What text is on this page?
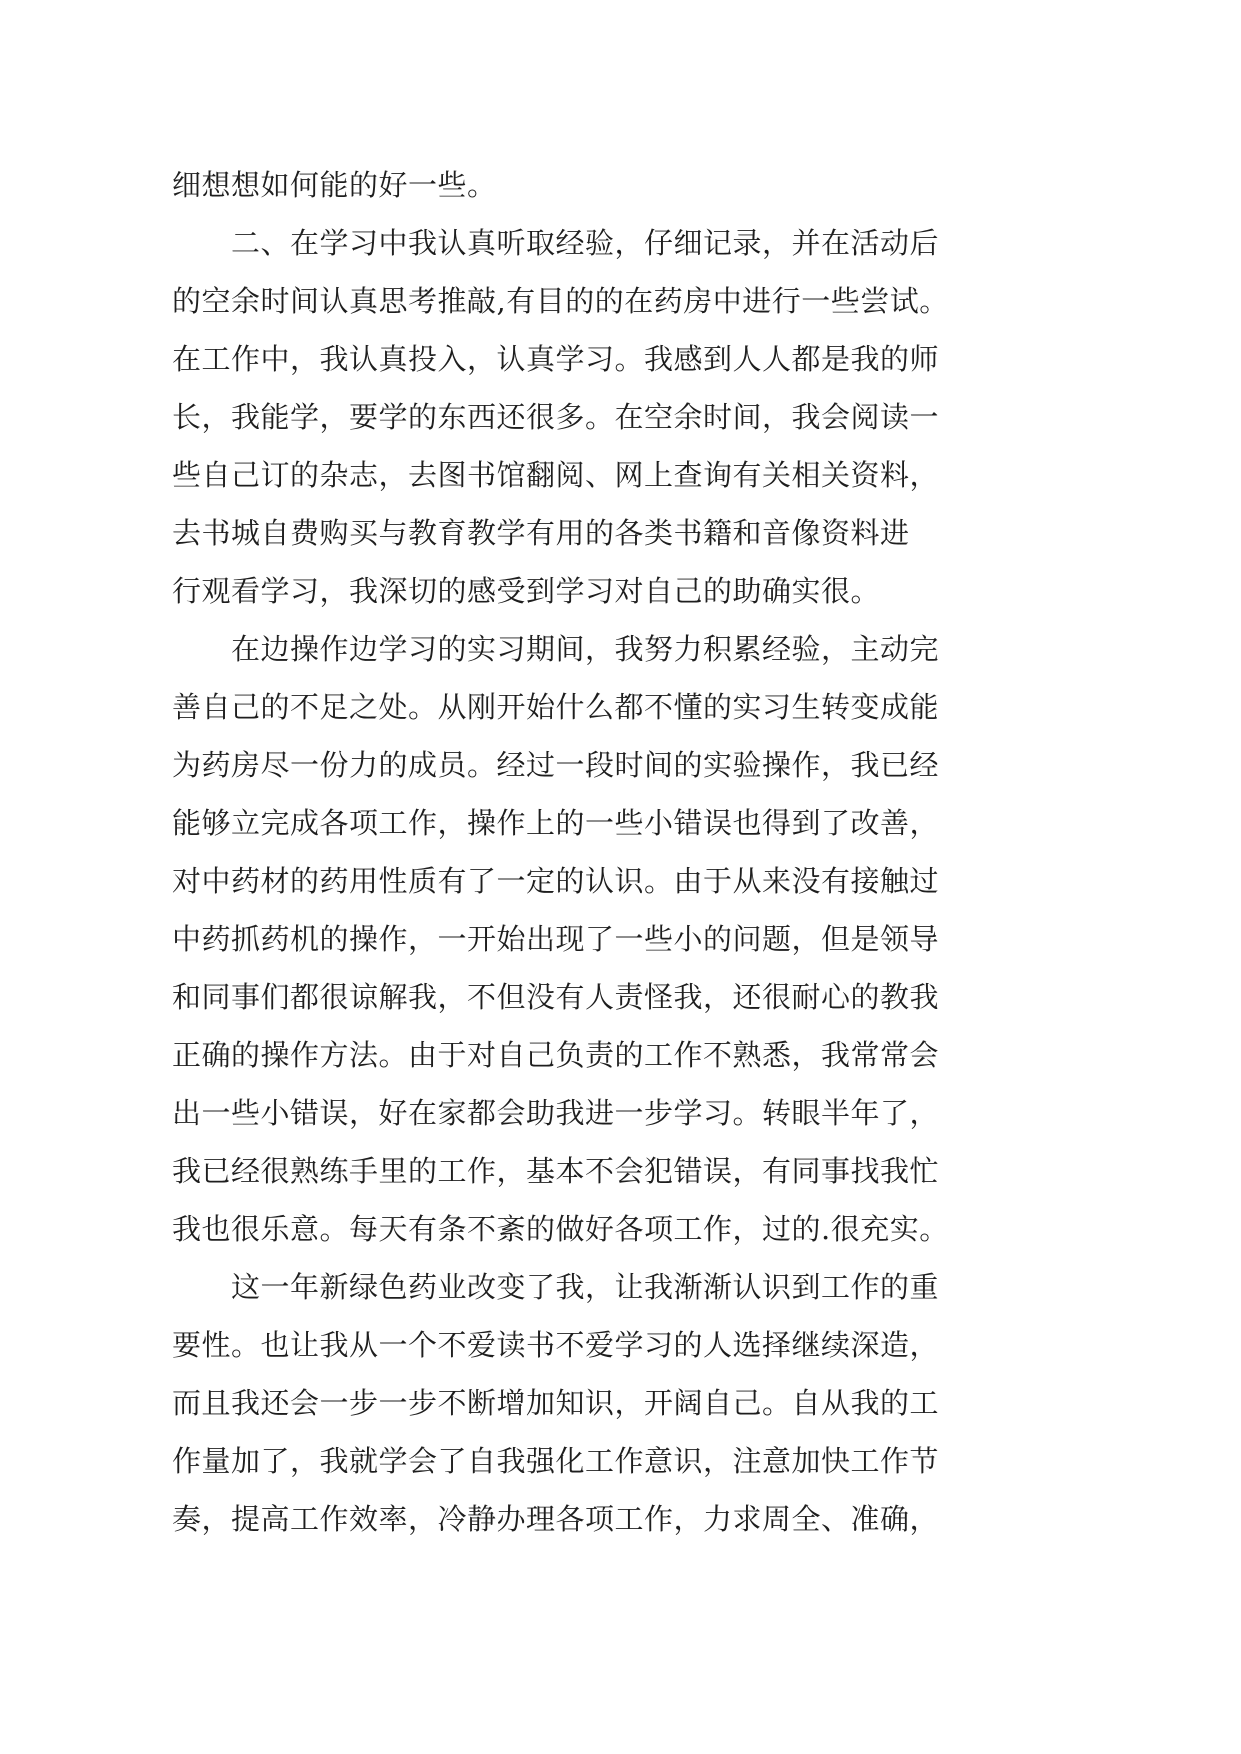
细想想如何能的好一些。
二、在学习中我认真听取经验，仔细记录，并在活动后
的空余时间认真思考推敲,有目的的在药房中进行一些尝试。
在工作中，我认真投入，认真学习。我感到人人都是我的师
长，我能学，要学的东西还很多。在空余时间，我会阅读一
些自己订的杂志，去图书馆翻阅、网上查询有关相关资料，
去书城自费购买与教育教学有用的各类书籍和音像资料进
行观看学习，我深切的感受到学习对自己的助确实很。
在边操作边学习的实习期间，我努力积累经验，主动完
善自己的不足之处。从刚开始什么都不懂的实习生转变成能
为药房尽一份力的成员。经过一段时间的实验操作，我已经
能够立完成各项工作，操作上的一些小错误也得到了改善，
对中药材的药用性质有了一定的认识。由于从来没有接触过
中药抓药机的操作，一开始出现了一些小的问题，但是领导
和同事们都很谅解我，不但没有人责怪我，还很耐心的教我
正确的操作方法。由于对自己负责的工作不熟悉，我常常会
出一些小错误，好在家都会助我进一步学习。转眼半年了，
我已经很熟练手里的工作，基本不会犯错误，有同事找我忙
我也很乐意。每天有条不紊的做好各项工作，过的.很充实。
这一年新绿色药业改变了我，让我渐渐认识到工作的重
要性。也让我从一个不爱读书不爱学习的人选择继续深造，
而且我还会一步一步不断增加知识，开阔自己。自从我的工
作量加了，我就学会了自我强化工作意识，注意加快工作节
奏，提高工作效率，冷静办理各项工作，力求周全、准确，
